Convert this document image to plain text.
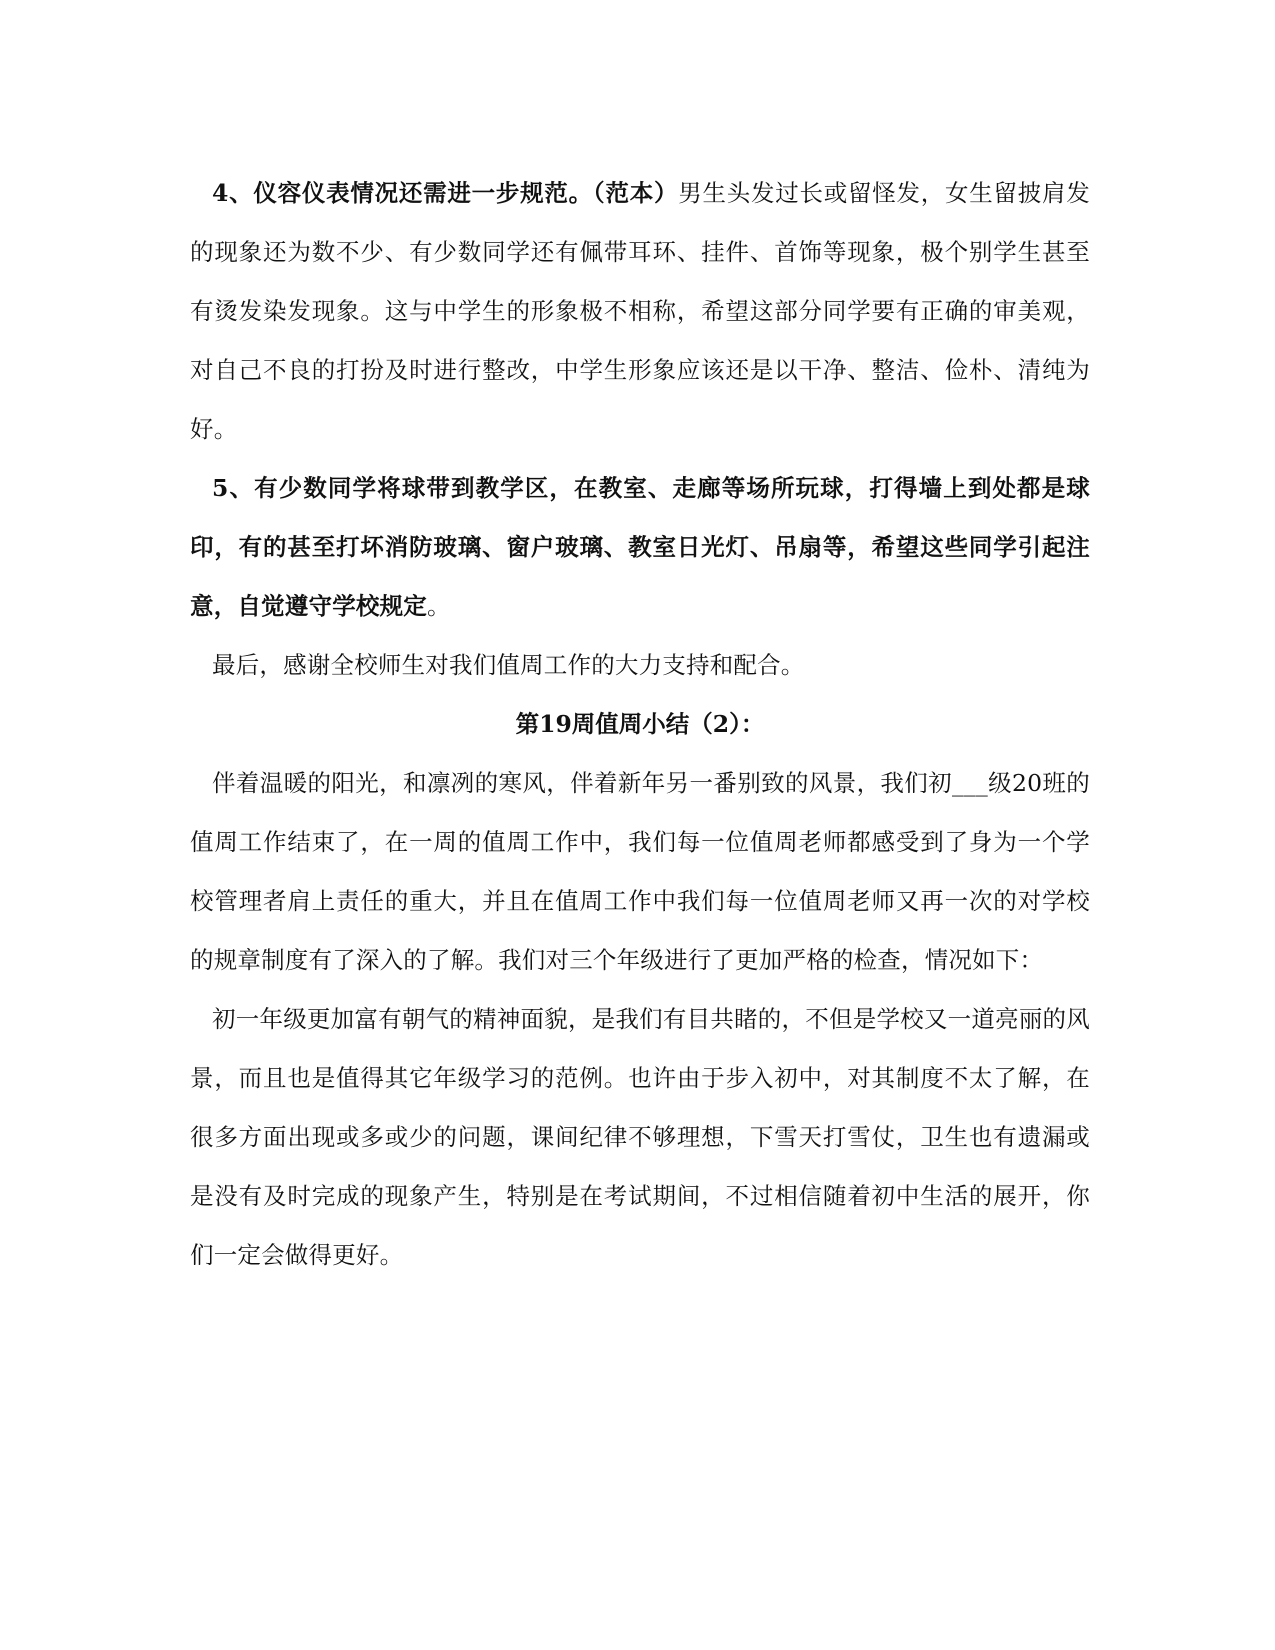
4、仪容仪表情况还需进一步规范。（范本）男生头发过长或留怪发，女生留披肩发的现象还为数不少、有少数同学还有佩带耳环、挂件、首饰等现象，极个别学生甚至有烫发染发现象。这与中学生的形象极不相称，希望这部分同学要有正确的审美观，对自己不良的打扮及时进行整改，中学生形象应该还是以干净、整洁、俭朴、清纯为好。

5、有少数同学将球带到教学区，在教室、走廊等场所玩球，打得墙上到处都是球印，有的甚至打坏消防玻璃、窗户玻璃、教室日光灯、吊扇等，希望这些同学引起注意，自觉遵守学校规定。

最后，感谢全校师生对我们值周工作的大力支持和配合。

第19周值周小结（2）：

伴着温暖的阳光，和凛冽的寒风，伴着新年另一番别致的风景，我们初___级20班的值周工作结束了，在一周的值周工作中，我们每一位值周老师都感受到了身为一个学校管理者肩上责任的重大，并且在值周工作中我们每一位值周老师又再一次的对学校的规章制度有了深入的了解。我们对三个年级进行了更加严格的检查，情况如下：

初一年级更加富有朝气的精神面貌，是我们有目共睹的，不但是学校又一道亮丽的风景，而且也是值得其它年级学习的范例。也许由于步入初中，对其制度不太了解，在很多方面出现或多或少的问题，课间纪律不够理想，下雪天打雪仗，卫生也有遗漏或是没有及时完成的现象产生，特别是在考试期间，不过相信随着初中生活的展开，你们一定会做得更好。
